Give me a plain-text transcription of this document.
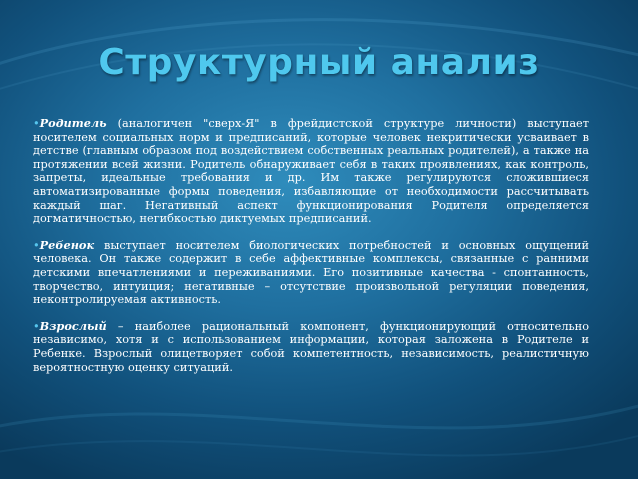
Структурный анализ

•Родитель (аналогичен "сверх-Я" в фрейдистской структуре личности) выступает носителем социальных норм и предписаний, которые человек некритически усваивает в детстве (главным образом под воздействием собственных реальных родителей), а также на протяжении всей жизни. Родитель обнаруживает себя в таких проявлениях, как контроль, запреты, идеальные требования и др. Им также регулируются сложившиеся автоматизированные формы поведения, избавляющие от необходимости рассчитывать каждый шаг. Негативный аспект функционирования Родителя определяется догматичностью, негибкостью диктуемых предписаний.

•Ребенок выступает носителем биологических потребностей и основных ощущений человека. Он также содержит в себе аффективные комплексы, связанные с ранними детскими впечатлениями и переживаниями. Его позитивные качества - спонтанность, творчество, интуиция; негативные – отсутствие произвольной регуляции поведения, неконтролируемая активность.

•Взрослый – наиболее рациональный компонент, функционирующий относительно независимо, хотя и с использованием информации, которая заложена в Родителе и Ребенке. Взрослый олицетворяет собой компетентность, независимость, реалистичную вероятностную оценку ситуаций.
